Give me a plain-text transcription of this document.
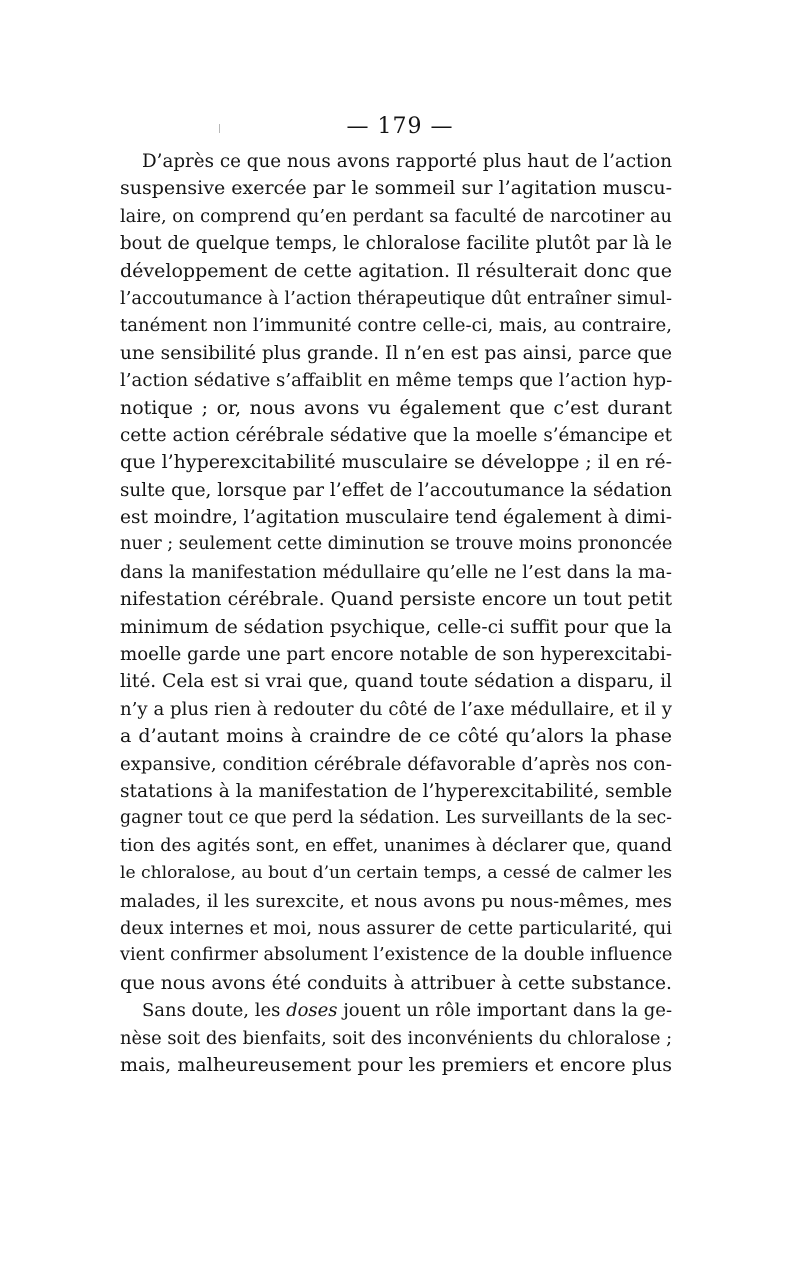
— 179 —
D’après ce que nous avons rapporté plus haut de l’action
suspensive exercée par le sommeil sur l’agitation muscu-
laire, on comprend qu’en perdant sa faculté de narcotiner au
bout de quelque temps, le chloralose facilite plutôt par là le
développement de cette agitation. Il résulterait donc que
l’accoutumance à l’action thérapeutique dût entraîner simul-
tanément non l’immunité contre celle-ci, mais, au contraire,
une sensibilité plus grande. Il n’en est pas ainsi, parce que
l’action sédative s’affaiblit en même temps que l’action hyp-
notique ; or, nous avons vu également que c’est durant
cette action cérébrale sédative que la moelle s’émancipe et
que l’hyperexcitabilité musculaire se développe ; il en ré-
sulte que, lorsque par l’effet de l’accoutumance la sédation
est moindre, l’agitation musculaire tend également à dimi-
nuer ; seulement cette diminution se trouve moins prononcée
dans la manifestation médullaire qu’elle ne l’est dans la ma-
nifestation cérébrale. Quand persiste encore un tout petit
minimum de sédation psychique, celle-ci suffit pour que la
moelle garde une part encore notable de son hyperexcitabi-
lité. Cela est si vrai que, quand toute sédation a disparu, il
n’y a plus rien à redouter du côté de l’axe médullaire, et il y
a d’autant moins à craindre de ce côté qu’alors la phase
expansive, condition cérébrale défavorable d’après nos con-
statations à la manifestation de l’hyperexcitabilité, semble
gagner tout ce que perd la sédation. Les surveillants de la sec-
tion des agités sont, en effet, unanimes à déclarer que, quand
le chloralose, au bout d’un certain temps, a cessé de calmer les
malades, il les surexcite, et nous avons pu nous-mêmes, mes
deux internes et moi, nous assurer de cette particularité, qui
vient confirmer absolument l’existence de la double influence
que nous avons été conduits à attribuer à cette substance.
Sans doute, les doses jouent un rôle important dans la ge-
nèse soit des bienfaits, soit des inconvénients du chloralose ;
mais, malheureusement pour les premiers et encore plus
